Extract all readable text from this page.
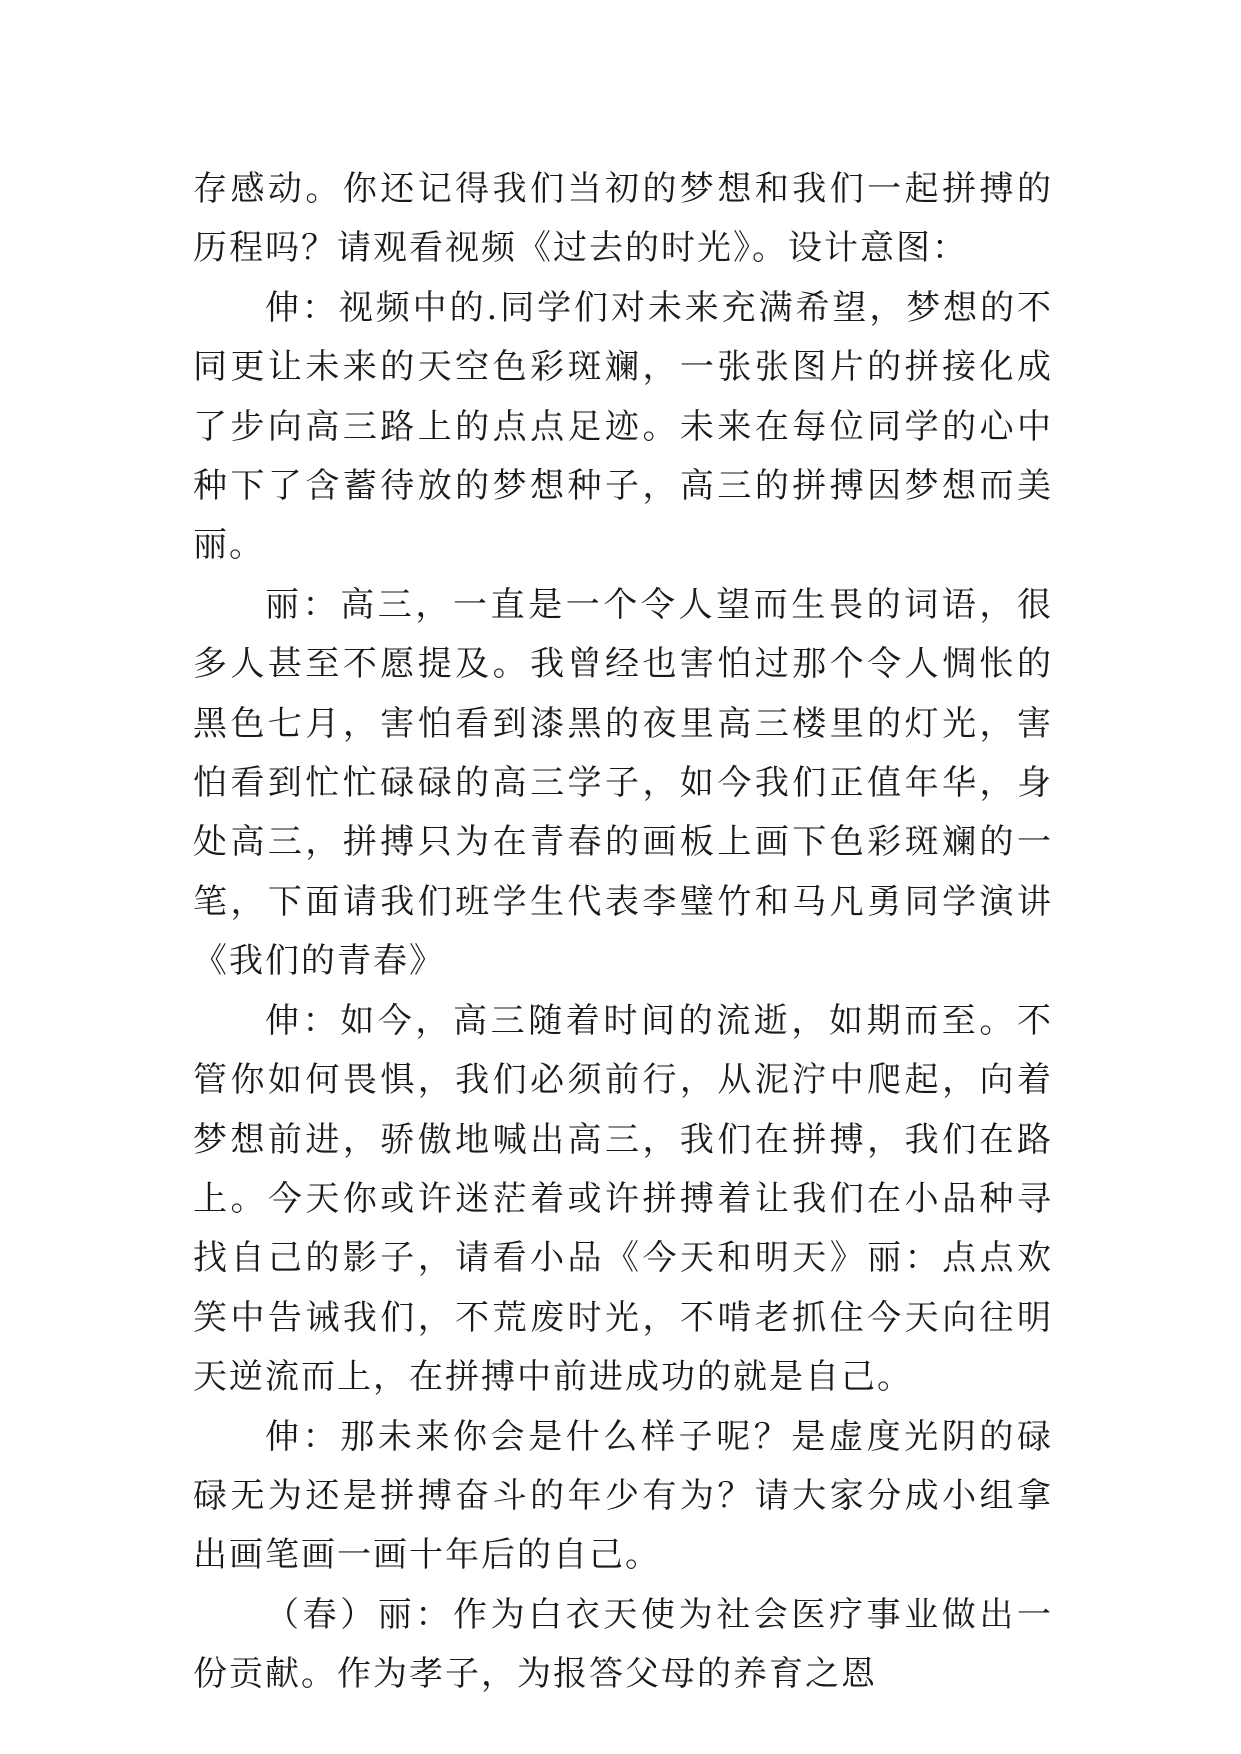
存感动。你还记得我们当初的梦想和我们一起拼搏的历程吗？请观看视频《过去的时光》。设计意图：

伸：视频中的.同学们对未来充满希望，梦想的不同更让未来的天空色彩斑斓，一张张图片的拼接化成了步向高三路上的点点足迹。未来在每位同学的心中种下了含蓄待放的梦想种子，高三的拼搏因梦想而美丽。

丽：高三，一直是一个令人望而生畏的词语，很多人甚至不愿提及。我曾经也害怕过那个令人惆怅的黑色七月，害怕看到漆黑的夜里高三楼里的灯光，害怕看到忙忙碌碌的高三学子，如今我们正值年华，身处高三，拼搏只为在青春的画板上画下色彩斑斓的一笔，下面请我们班学生代表李璧竹和马凡勇同学演讲《我们的青春》

伸：如今，高三随着时间的流逝，如期而至。不管你如何畏惧，我们必须前行，从泥泞中爬起，向着梦想前进，骄傲地喊出高三，我们在拼搏，我们在路上。今天你或许迷茫着或许拼搏着让我们在小品种寻找自己的影子，请看小品《今天和明天》丽：点点欢笑中告诫我们，不荒废时光，不啃老抓住今天向往明天逆流而上，在拼搏中前进成功的就是自己。

伸：那未来你会是什么样子呢？是虚度光阴的碌碌无为还是拼搏奋斗的年少有为？请大家分成小组拿出画笔画一画十年后的自己。

（春）丽：作为白衣天使为社会医疗事业做出一份贡献。作为孝子，为报答父母的养育之恩
